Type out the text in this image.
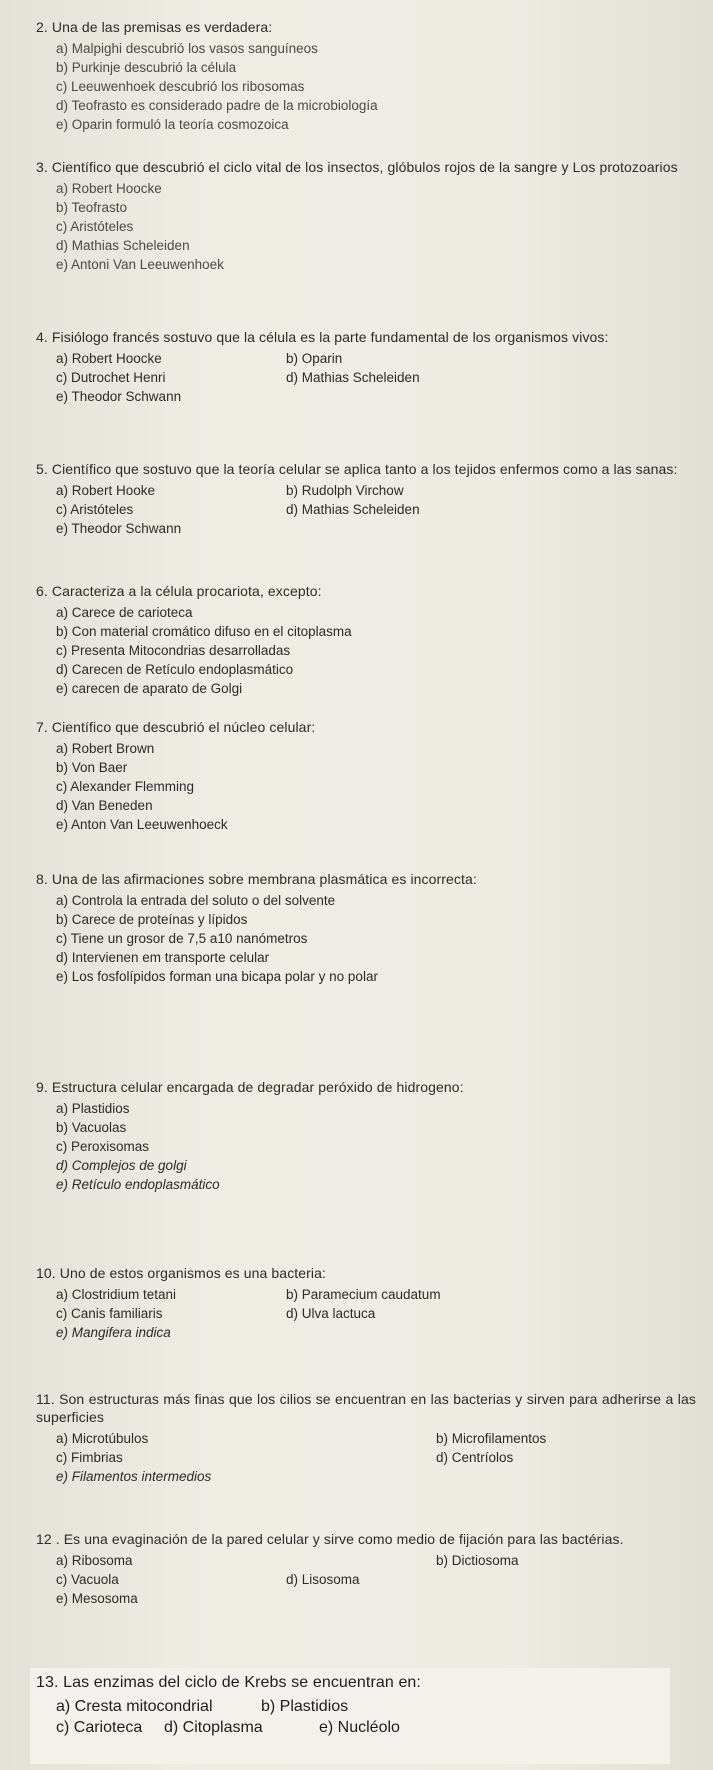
2. Una de las premisas es verdadera:

a) Malpighi descubrió los vasos sanguíneos
b) Purkinje descubrió la célula
c) Leeuwenhoek descubrió los ribosomas
d) Teofrasto es considerado padre de la microbiología
e) Oparin formuló la teoría cosmozoica

3. Científico que descubrió el ciclo vital de los insectos, glóbulos rojos de la sangre y Los protozoarios

a) Robert Hoocke
b) Teofrasto
c) Aristóteles
d) Mathias Scheleiden
e) Antoni Van Leeuwenhoek

4. Fisiólogo francés sostuvo que la célula es la parte fundamental de los organismos vivos:

a) Robert Hoocke	b) Oparin
c) Dutrochet Henri	d) Mathias Scheleiden
e) Theodor Schwann

5. Científico que sostuvo que la teoría celular se aplica tanto a los tejidos enfermos como a las sanas:

a) Robert Hooke	b) Rudolph Virchow
c) Aristóteles	d) Mathias Scheleiden
e) Theodor Schwann

6. Caracteriza a la célula procariota, excepto:

a) Carece de carioteca
b) Con material cromático difuso en el citoplasma
c) Presenta Mitocondrias desarrolladas
d) Carecen de Retículo endoplasmático
e) carecen de aparato de Golgi

7. Científico que descubrió el núcleo celular:

a) Robert Brown
b) Von Baer
c) Alexander Flemming
d) Van Beneden
e) Anton Van Leeuwenhoeck

8. Una de las afirmaciones sobre membrana plasmática es incorrecta:

a) Controla la entrada del soluto o del solvente
b) Carece de proteínas y lípidos
c) Tiene un grosor de 7,5 a10 nanómetros
d) Intervienen em transporte celular
e) Los fosfolípidos forman una bicapa polar y no polar

9. Estructura celular encargada de degradar peróxido de hidrogeno:

a) Plastidios
b) Vacuolas
c) Peroxisomas
d) Complejos de golgi
e) Retículo endoplasmático

10. Uno de estos organismos es una bacteria:

a) Clostridium tetani	b) Paramecium caudatum
c) Canis familiaris	d) Ulva lactuca
e) Mangifera indica

11. Son estructuras más finas que los cilios se encuentran en las bacterias y sirven para adherirse a las superficies

a) Microtúbulos	b) Microfilamentos
c) Fimbrias	d) Centríolos
e) Filamentos intermedios

12 . Es una evaginación de la pared celular y sirve como medio de fijación para las bactérias.

a) Ribosoma	b) Dictiosoma
c) Vacuola	d) Lisosoma
e) Mesosoma

13. Las enzimas del ciclo de Krebs se encuentran en:

a) Cresta mitocondrial	b) Plastidios
c) Carioteca	d) Citoplasma	e) Nucléolo
